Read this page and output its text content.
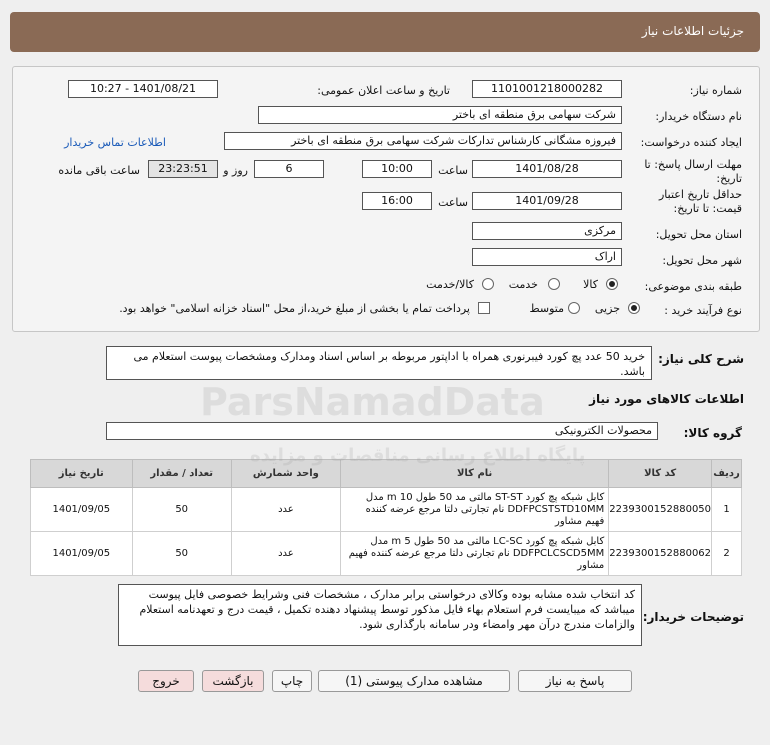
جزئیات اطلاعات نیاز
شماره نیاز:
1101001218000282
تاریخ و ساعت اعلان عمومی:
1401/08/21 - 10:27
نام دستگاه خریدار:
شرکت سهامی برق منطقه ای باختر
ایجاد کننده درخواست:
فیروزه مشگانی کارشناس تدارکات شرکت سهامی برق منطقه ای باختر
اطلاعات تماس خریدار
مهلت ارسال پاسخ: تا
تاریخ:
1401/08/28
ساعت
10:00
6
روز و
23:23:51
ساعت باقی مانده
حداقل تاریخ اعتبار
قیمت: تا تاریخ:
1401/09/28
ساعت
16:00
استان محل تحویل:
مرکزی
شهر محل تحویل:
اراک
طبقه بندی موضوعی:
کالا
خدمت
کالا/خدمت
نوع فرآیند خرید :
جزیی
متوسط
پرداخت تمام یا بخشی از مبلغ خرید،از محل "اسناد خزانه اسلامی" خواهد بود.
شرح کلی نیاز:
خرید 50 عدد پچ کورد فیبرنوری همراه با اداپتور مربوطه بر اساس اسناد ومدارک ومشخصات پیوست استعلام می باشد.
اطلاعات کالاهای مورد نیاز
گروه کالا:
محصولات الکترونیکی
ردیف	کد کالا	نام کالا	واحد شمارش	تعداد / مقدار	تاریخ نیاز
1	2239300152880050	کابل شبکه پچ کورد ST-ST مالتی مد 50 طول 10 m مدل DDFPCSTSTD10MM نام تجارتی دلتا مرجع عرضه کننده فهیم مشاور	عدد	50	1401/09/05
2	2239300152880062	کابل شبکه پچ کورد LC-SC مالتی مد 50 طول 5 m مدل DDFPCLCSCD5MM نام تجارتی دلتا مرجع عرضه کننده فهیم مشاور	عدد	50	1401/09/05
توضیحات خریدار:
کد انتخاب شده مشابه بوده وکالای درخواستی برابر مدارک ، مشخصات فنی وشرایط خصوصی فایل پیوست میباشد که میبایست فرم استعلام بهاء فایل مذکور توسط پیشنهاد دهنده تکمیل ، قیمت درج و تعهدنامه استعلام والزامات مندرج درآن مهر وامضاء ودر سامانه بارگذاری شود.
ParsNamadData
پایگاه اطلاع رسانی مناقصات و مزایده
پاسخ به نیاز
مشاهده مدارک پیوستی (1)
چاپ
بازگشت
خروج
